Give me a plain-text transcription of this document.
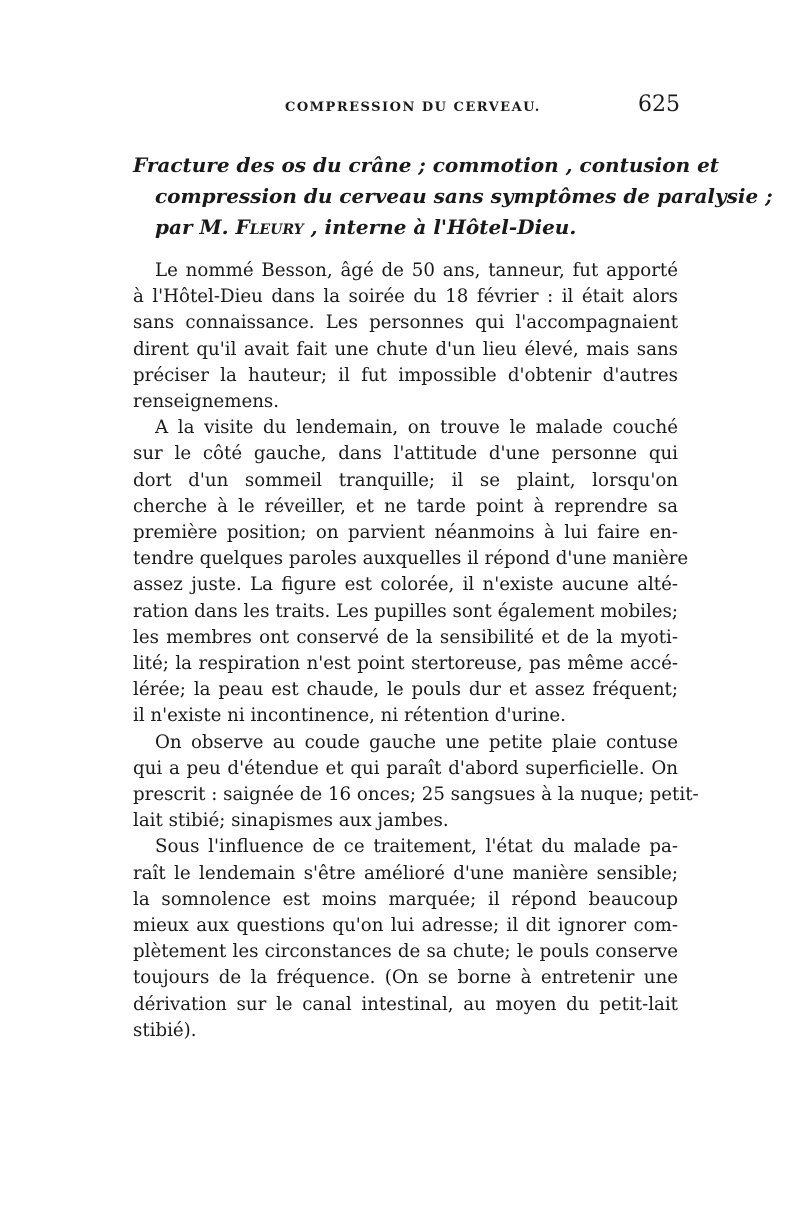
COMPRESSION DU CERVEAU.	625
Fracture des os du crâne ; commotion , contusion et
compression du cerveau sans symptômes de paralysie ;
par M. Fleury , interne à l'Hôtel-Dieu.

Le nommé Besson, âgé de 50 ans, tanneur, fut apporté
à l'Hôtel-Dieu dans la soirée du 18 février : il était alors
sans connaissance. Les personnes qui l'accompagnaient
dirent qu'il avait fait une chute d'un lieu élevé, mais sans
préciser la hauteur; il fut impossible d'obtenir d'autres
renseignemens.

A la visite du lendemain, on trouve le malade couché
sur le côté gauche, dans l'attitude d'une personne qui
dort d'un sommeil tranquille; il se plaint, lorsqu'on
cherche à le réveiller, et ne tarde point à reprendre sa
première position; on parvient néanmoins à lui faire en-
tendre quelques paroles auxquelles il répond d'une manière
assez juste. La figure est colorée, il n'existe aucune alté-
ration dans les traits. Les pupilles sont également mobiles;
les membres ont conservé de la sensibilité et de la myoti-
lité; la respiration n'est point stertoreuse, pas même accé-
lérée; la peau est chaude, le pouls dur et assez fréquent;
il n'existe ni incontinence, ni rétention d'urine.

On observe au coude gauche une petite plaie contuse
qui a peu d'étendue et qui paraît d'abord superficielle. On
prescrit : saignée de 16 onces; 25 sangsues à la nuque; petit-
lait stibié; sinapismes aux jambes.

Sous l'influence de ce traitement, l'état du malade pa-
raît le lendemain s'être amélioré d'une manière sensible;
la somnolence est moins marquée; il répond beaucoup
mieux aux questions qu'on lui adresse; il dit ignorer com-
plètement les circonstances de sa chute; le pouls conserve
toujours de la fréquence. (On se borne à entretenir une
dérivation sur le canal intestinal, au moyen du petit-lait
stibié).
